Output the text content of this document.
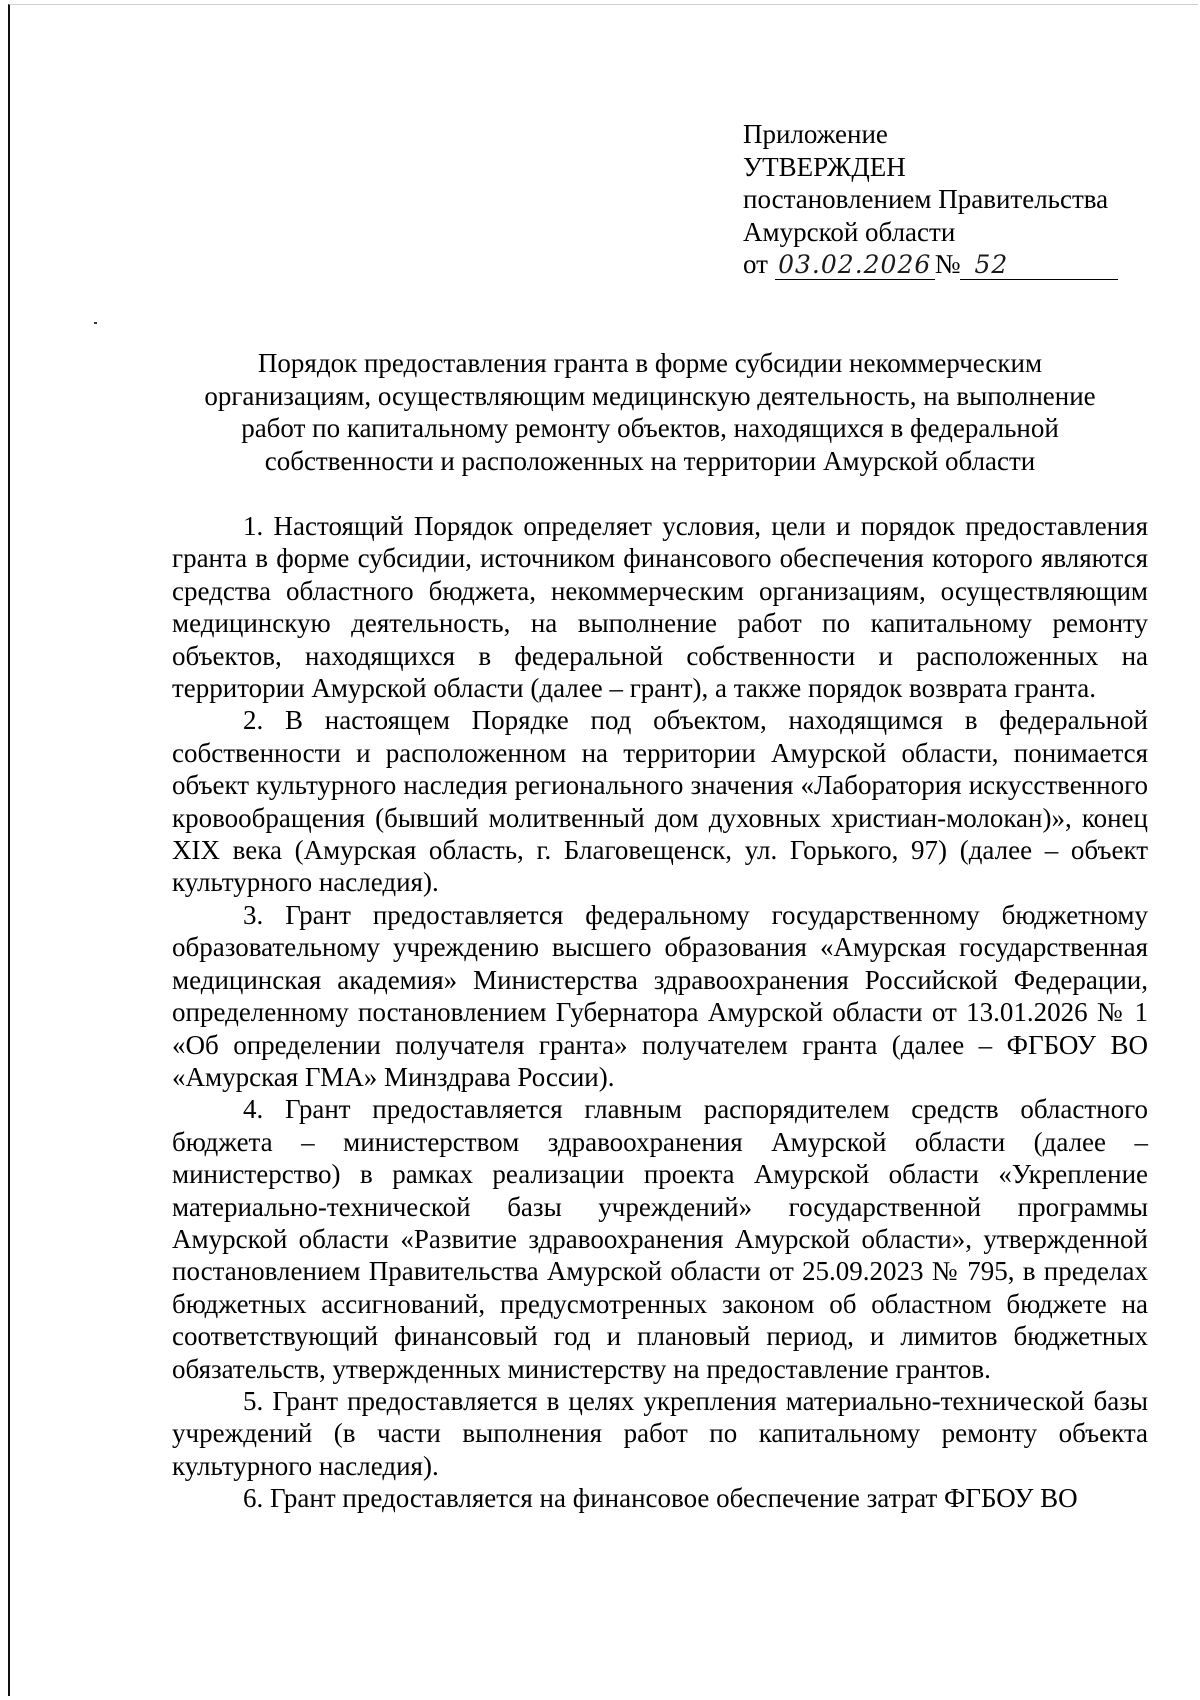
Приложение
УТВЕРЖДЕН
постановлением Правительства
Амурской области
от 03.02.2026 № 52
Порядок предоставления гранта в форме субсидии некоммерческим
организациям, осуществляющим медицинскую деятельность, на выполнение
работ по капитальному ремонту объектов, находящихся в федеральной
собственности и расположенных на территории Амурской области

1. Настоящий Порядок определяет условия, цели и порядок предоставления гранта в форме субсидии, источником финансового обеспечения которого являются средства областного бюджета, некоммерческим организациям, осуществляющим медицинскую деятельность, на выполнение работ по капитальному ремонту объектов, находящихся в федеральной собственности и расположенных на территории Амурской области (далее – грант), а также порядок возврата гранта.

2. В настоящем Порядке под объектом, находящимся в федеральной собственности и расположенном на территории Амурской области, понимается объект культурного наследия регионального значения «Лаборатория искусственного кровообращения (бывший молитвенный дом духовных христиан-молокан)», конец XIX века (Амурская область, г. Благовещенск, ул. Горького, 97) (далее – объект культурного наследия).

3. Грант предоставляется федеральному государственному бюджетному образовательному учреждению высшего образования «Амурская государственная медицинская академия» Министерства здравоохранения Российской Федерации, определенному постановлением Губернатора Амурской области от 13.01.2026 № 1 «Об определении получателя гранта» получателем гранта (далее – ФГБОУ ВО «Амурская ГМА» Минздрава России).

4. Грант предоставляется главным распорядителем средств областного бюджета – министерством здравоохранения Амурской области (далее – министерство) в рамках реализации проекта Амурской области «Укрепление материально-технической базы учреждений» государственной программы Амурской области «Развитие здравоохранения Амурской области», утвержденной постановлением Правительства Амурской области от 25.09.2023 № 795, в пределах бюджетных ассигнований, предусмотренных законом об областном бюджете на соответствующий финансовый год и плановый период, и лимитов бюджетных обязательств, утвержденных министерству на предоставление грантов.

5. Грант предоставляется в целях укрепления материально-технической базы учреждений (в части выполнения работ по капитальному ремонту объекта культурного наследия).

6. Грант предоставляется на финансовое обеспечение затрат ФГБОУ ВО
